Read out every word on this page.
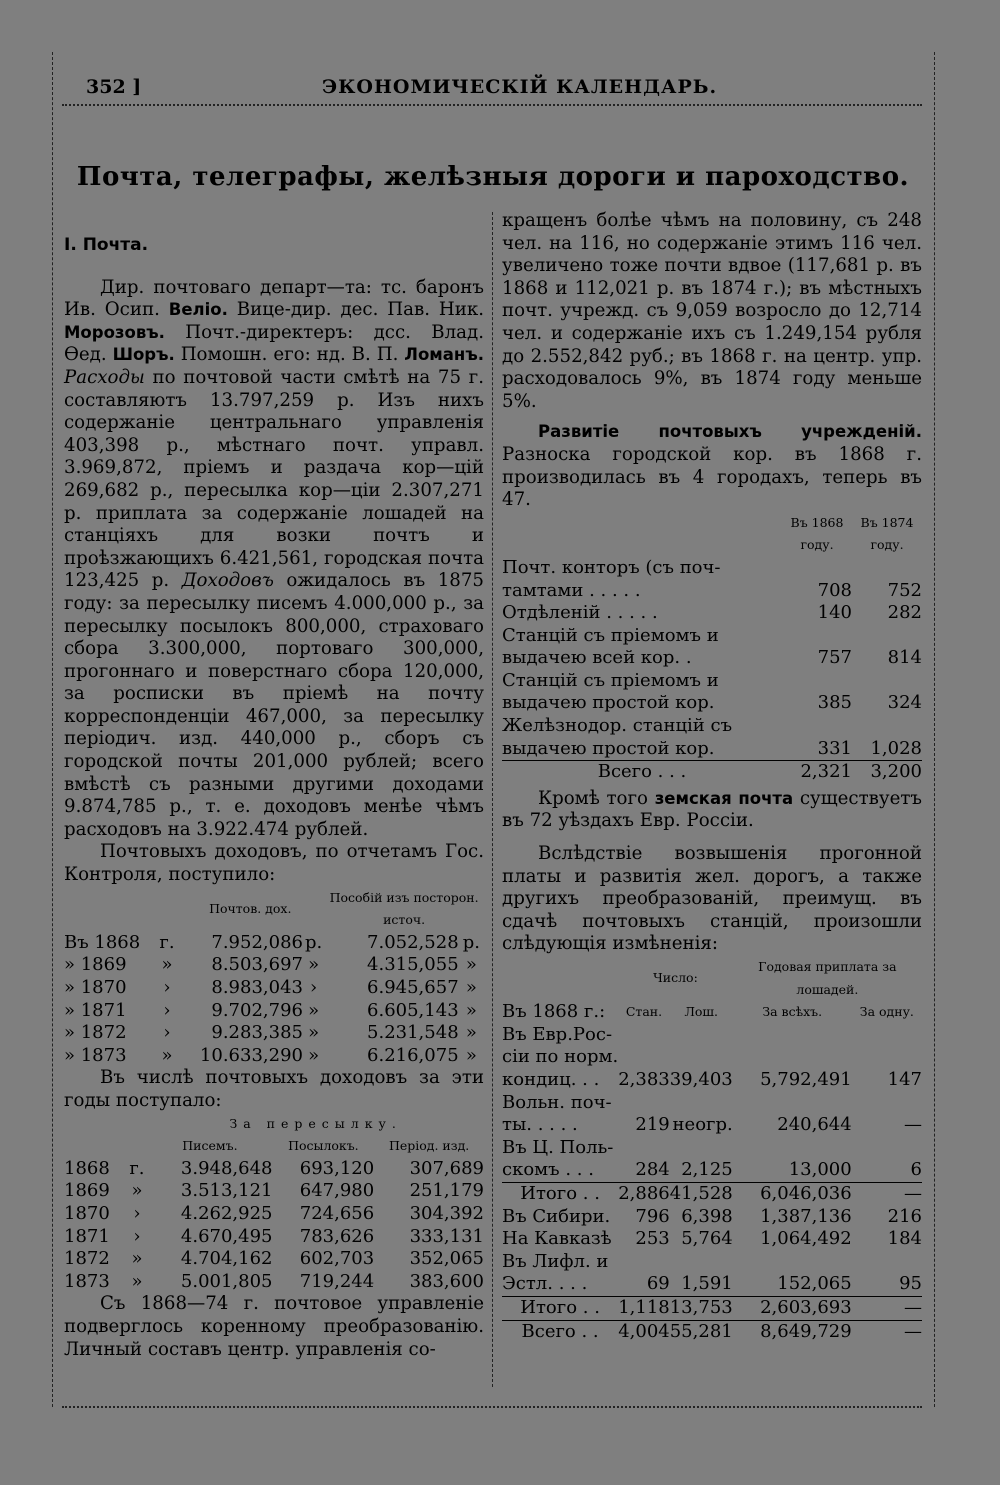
352 ]	ЭКОНОМИЧЕСКІЙ КАЛЕНДАРЬ.
Почта, телеграфы, желѣзныя дороги и пароходство.

I. Почта.

Дир. почтоваго департ—та: тс. баронъ Ив. Осип. Веліо. Вице-дир. дес. Пав. Ник. Морозовъ. Почт.-директеръ: дсс. Влад. Ѳед. Шоръ. Помошн. его: нд. В. П. Ломанъ. Расходы по почтовой части смѣтѣ на 75 г. составляютъ 13.797,259 р. Изъ нихъ содержаніе центральнаго управленія 403,398 р., мѣстнаго почт. управл. 3.969,872, пріемъ и раздача кор—цій 269,682 р., пересылка кор—ціи 2.307,271 р. приплата за содержаніе лошадей на станціяхъ для возки почтъ и проѣзжающихъ 6.421,561, городская почта 123,425 р. Доходовъ ожидалось въ 1875 году: за пересылку писемъ 4.000,000 р., за пересылку посылокъ 800,000, страховаго сбора 3.300,000, портоваго 300,000, прогоннаго и поверстнаго сбора 120,000, за росписки въ пріемѣ на почту корреспонденціи 467,000, за пересылку періодич. изд. 440,000 р., сборъ съ городской почты 201,000 рублей; всего вмѣстѣ съ разными другими доходами 9.874,785 р., т. е. доходовъ менѣе чѣмъ расходовъ на 3.922.474 рублей.

Почтовыхъ доходовъ, по отчетамъ Гос. Контроля, поступило:

		Почтов. дох.		Пособій изъ посторон. источ.	
Въ 1868	г.	7.952,086	р.	7.052,528	р.
» 1869	»	8.503,697	»	4.315,055	»
» 1870	›	8.983,043	›	6.945,657	»
» 1871	›	9.702,796	»	6.605,143	»
» 1872	›	9.283,385	»	5.231,548	»
» 1873	»	10.633,290	»	6.216,075	»

Въ числѣ почтовыхъ доходовъ за эти годы поступало:

		За пересылку.		
		Писемъ.	Посылокъ.	Період. изд.
1868	г.	3.948,648	693,120	307,689
1869	»	3.513,121	647,980	251,179
1870	›	4.262,925	724,656	304,392
1871	›	4.670,495	783,626	333,131
1872	»	4.704,162	602,703	352,065
1873	»	5.001,805	719,244	383,600

Съ 1868—74 г. почтовое управленіе подверглось коренному преобразованію. Личный составъ центр. управленія со-

кращенъ болѣе чѣмъ на половину, съ 248 чел. на 116, но содержаніе этимъ 116 чел. увеличено тоже почти вдвое (117,681 р. въ 1868 и 112,021 р. въ 1874 г.); въ мѣстныхъ почт. учрежд. съ 9,059 возросло до 12,714 чел. и содержаніе ихъ съ 1.249,154 рубля до 2.552,842 руб.; въ 1868 г. на центр. упр. расходовалось 9%, въ 1874 году меньше 5%.

Развитіе почтовыхъ учрежденій. Разноска городской кор. въ 1868 г. производилась въ 4 городахъ, теперь въ 47.

	Въ 1868 году.	Въ 1874 году.
Почт. конторъ (съ поч-		
тамтами . . . . .	708	752
Отдѣленій . . . . .	140	282
Станцій съ пріемомъ и		
выдачею всей кор. .	757	814
Станцій съ пріемомъ и		
выдачею простой кор.	385	324
Желѣзнодор. станцій съ		
выдачею простой кор.	331	1,028
Всего . . .	2,321	3,200

Кромѣ того земская почта существуетъ въ 72 уѣздахъ Евр. Россіи.

Вслѣдствіе возвышенія прогонной платы и развитія жел. дорогъ, а также другихъ преобразованій, преимущ. въ сдачѣ почтовыхъ станцій, произошли слѣдующія измѣненія:

	Число:		Годовая приплата за лошадей.	
Въ 1868 г.:	Стан.	Лош.	За всѣхъ.	За одну.
Въ Евр.Рос-				
сіи по норм.				
кондиц. . .	2,383	39,403	5,792,491	147
Вольн. поч-				
ты. . . . .	219	неогр.	240,644	—
Въ Ц. Поль-				
скомъ . . .	284	2,125	13,000	6
Итого . .	2,886	41,528	6,046,036	—
Въ Сибири.	796	6,398	1,387,136	216
На Кавказѣ	253	5,764	1,064,492	184
Въ Лифл. и				
Эстл. . . .	69	1,591	152,065	95
Итого . .	1,118	13,753	2,603,693	—
Всего . .	4,004	55,281	8,649,729	—
